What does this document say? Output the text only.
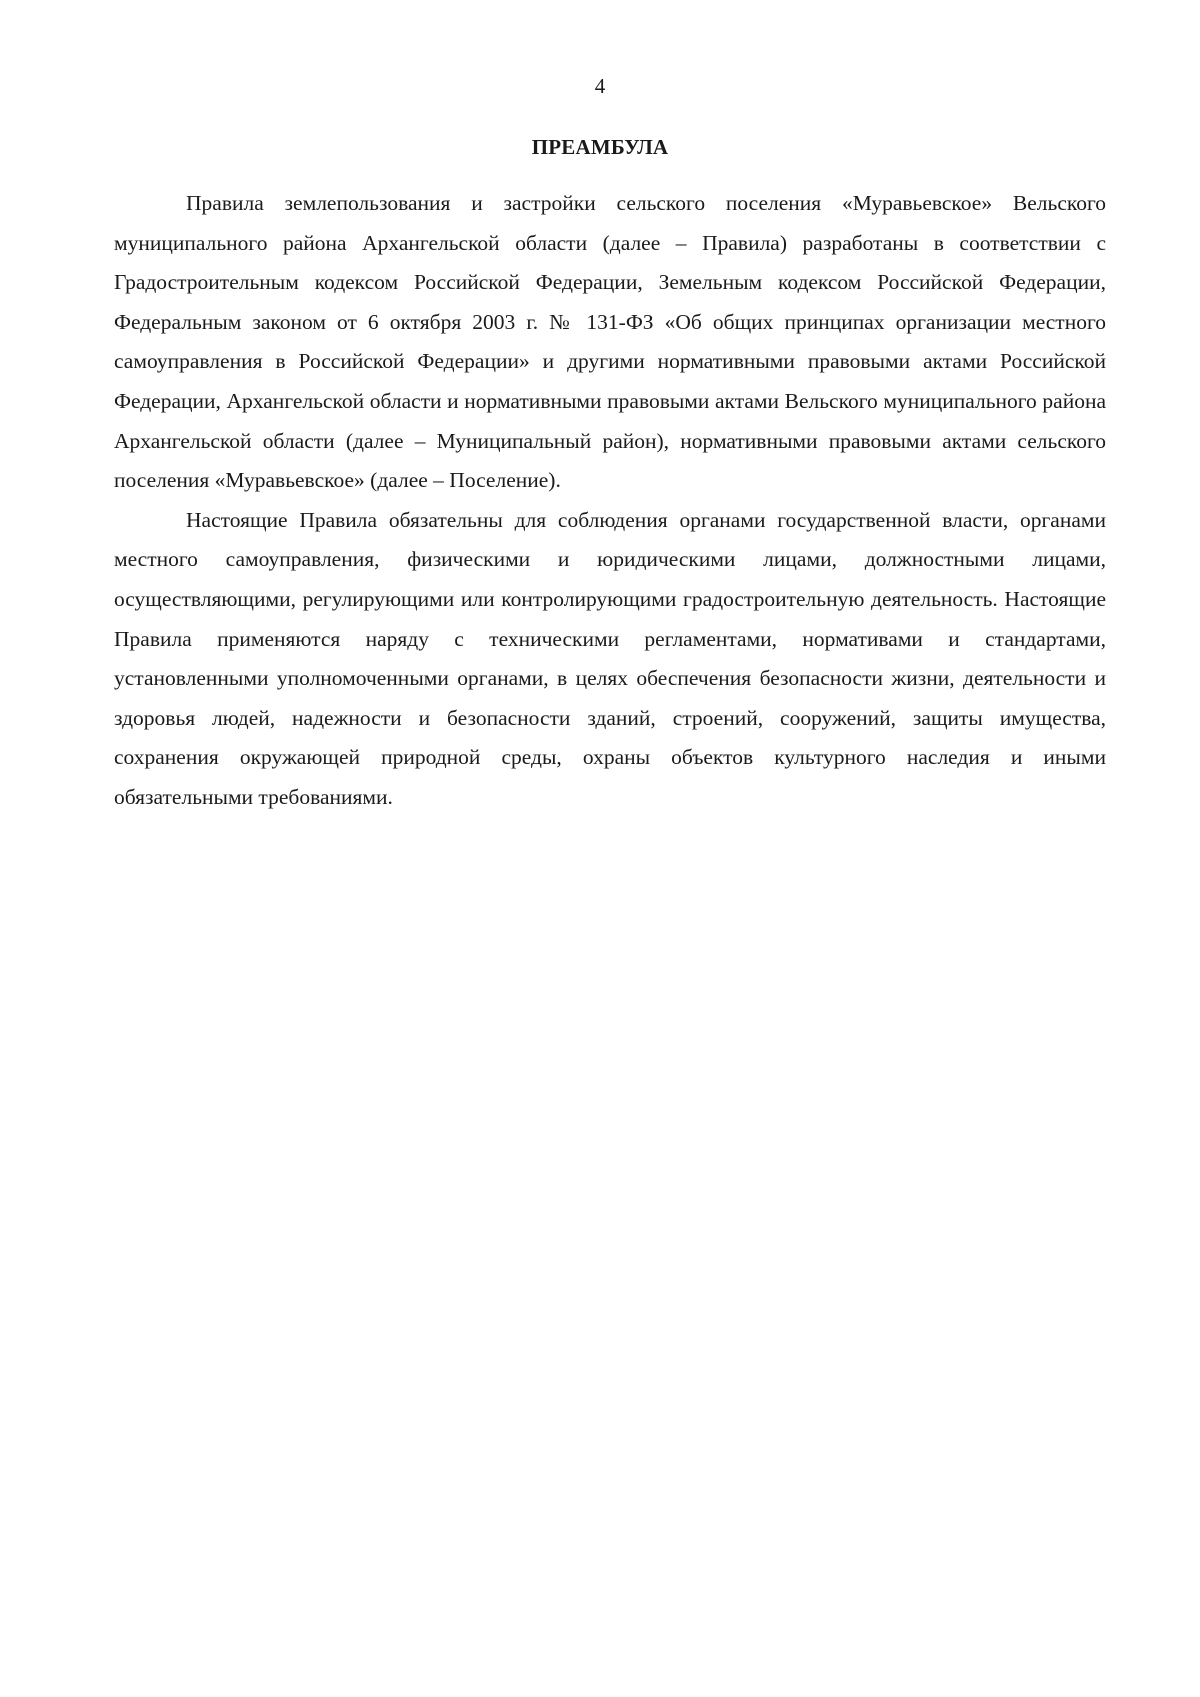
4
ПРЕАМБУЛА

Правила землепользования и застройки сельского поселения «Муравьевское» Вельского муниципального района Архангельской области (далее – Правила) разработаны в соответствии с Градостроительным кодексом Российской Федерации, Земельным кодексом Российской Федерации, Федеральным законом от 6 октября 2003 г. № 131-ФЗ «Об общих принципах организации местного самоуправления в Российской Федерации» и другими нормативными правовыми актами Российской Федерации, Архангельской области и нормативными правовыми актами Вельского муниципального района Архангельской области (далее – Муниципальный район), нормативными правовыми актами сельского поселения «Муравьевское» (далее – Поселение).

Настоящие Правила обязательны для соблюдения органами государственной власти, органами местного самоуправления, физическими и юридическими лицами, должностными лицами, осуществляющими, регулирующими или контролирующими градостроительную деятельность. Настоящие Правила применяются наряду с техническими регламентами, нормативами и стандартами, установленными уполномоченными органами, в целях обеспечения безопасности жизни, деятельности и здоровья людей, надежности и безопасности зданий, строений, сооружений, защиты имущества, сохранения окружающей природной среды, охраны объектов культурного наследия и иными обязательными требованиями.
